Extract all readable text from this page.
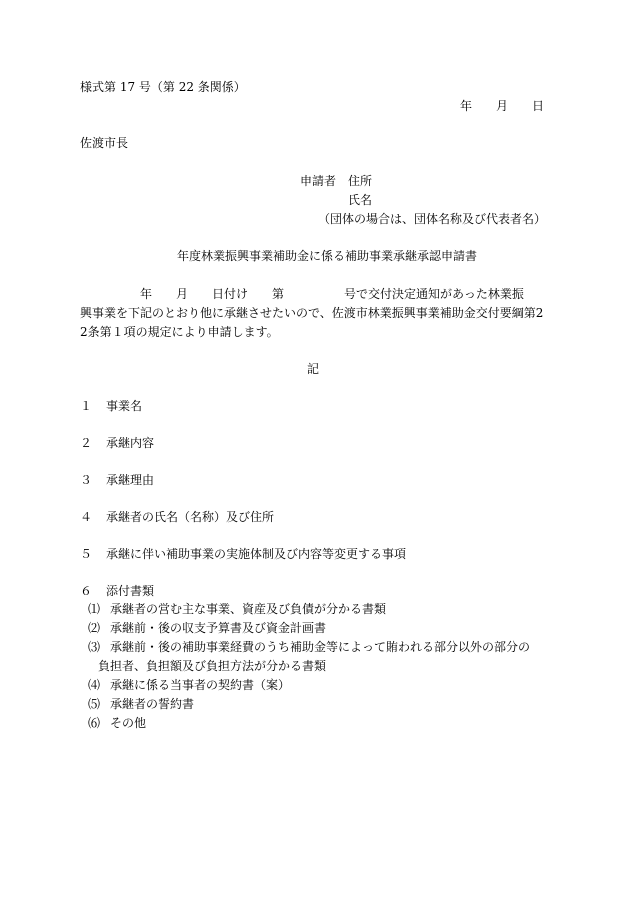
様式第 17 号（第 22 条関係）
年　　月　　日
佐渡市長
申請者　住所
氏名
（団体の場合は、団体名称及び代表者名）
年度林業振興事業補助金に係る補助事業承継承認申請書
　　　　　年　　月　　日付け　　第　　　　　号で交付決定通知があった林業振
興事業を下記のとおり他に承継させたいので、佐渡市林業振興事業補助金交付要綱第2
2条第１項の規定により申請します。
記
１ 事業名
２ 承継内容
３ 承継理由
４ 承継者の氏名（名称）及び住所
５ 承継に伴い補助事業の実施体制及び内容等変更する事項
６ 添付書類
⑴ 承継者の営む主な事業、資産及び負債が分かる書類
⑵ 承継前・後の収支予算書及び資金計画書
⑶ 承継前・後の補助事業経費のうち補助金等によって賄われる部分以外の部分の
負担者、負担額及び負担方法が分かる書類
⑷ 承継に係る当事者の契約書（案）
⑸ 承継者の誓約書
⑹ その他
